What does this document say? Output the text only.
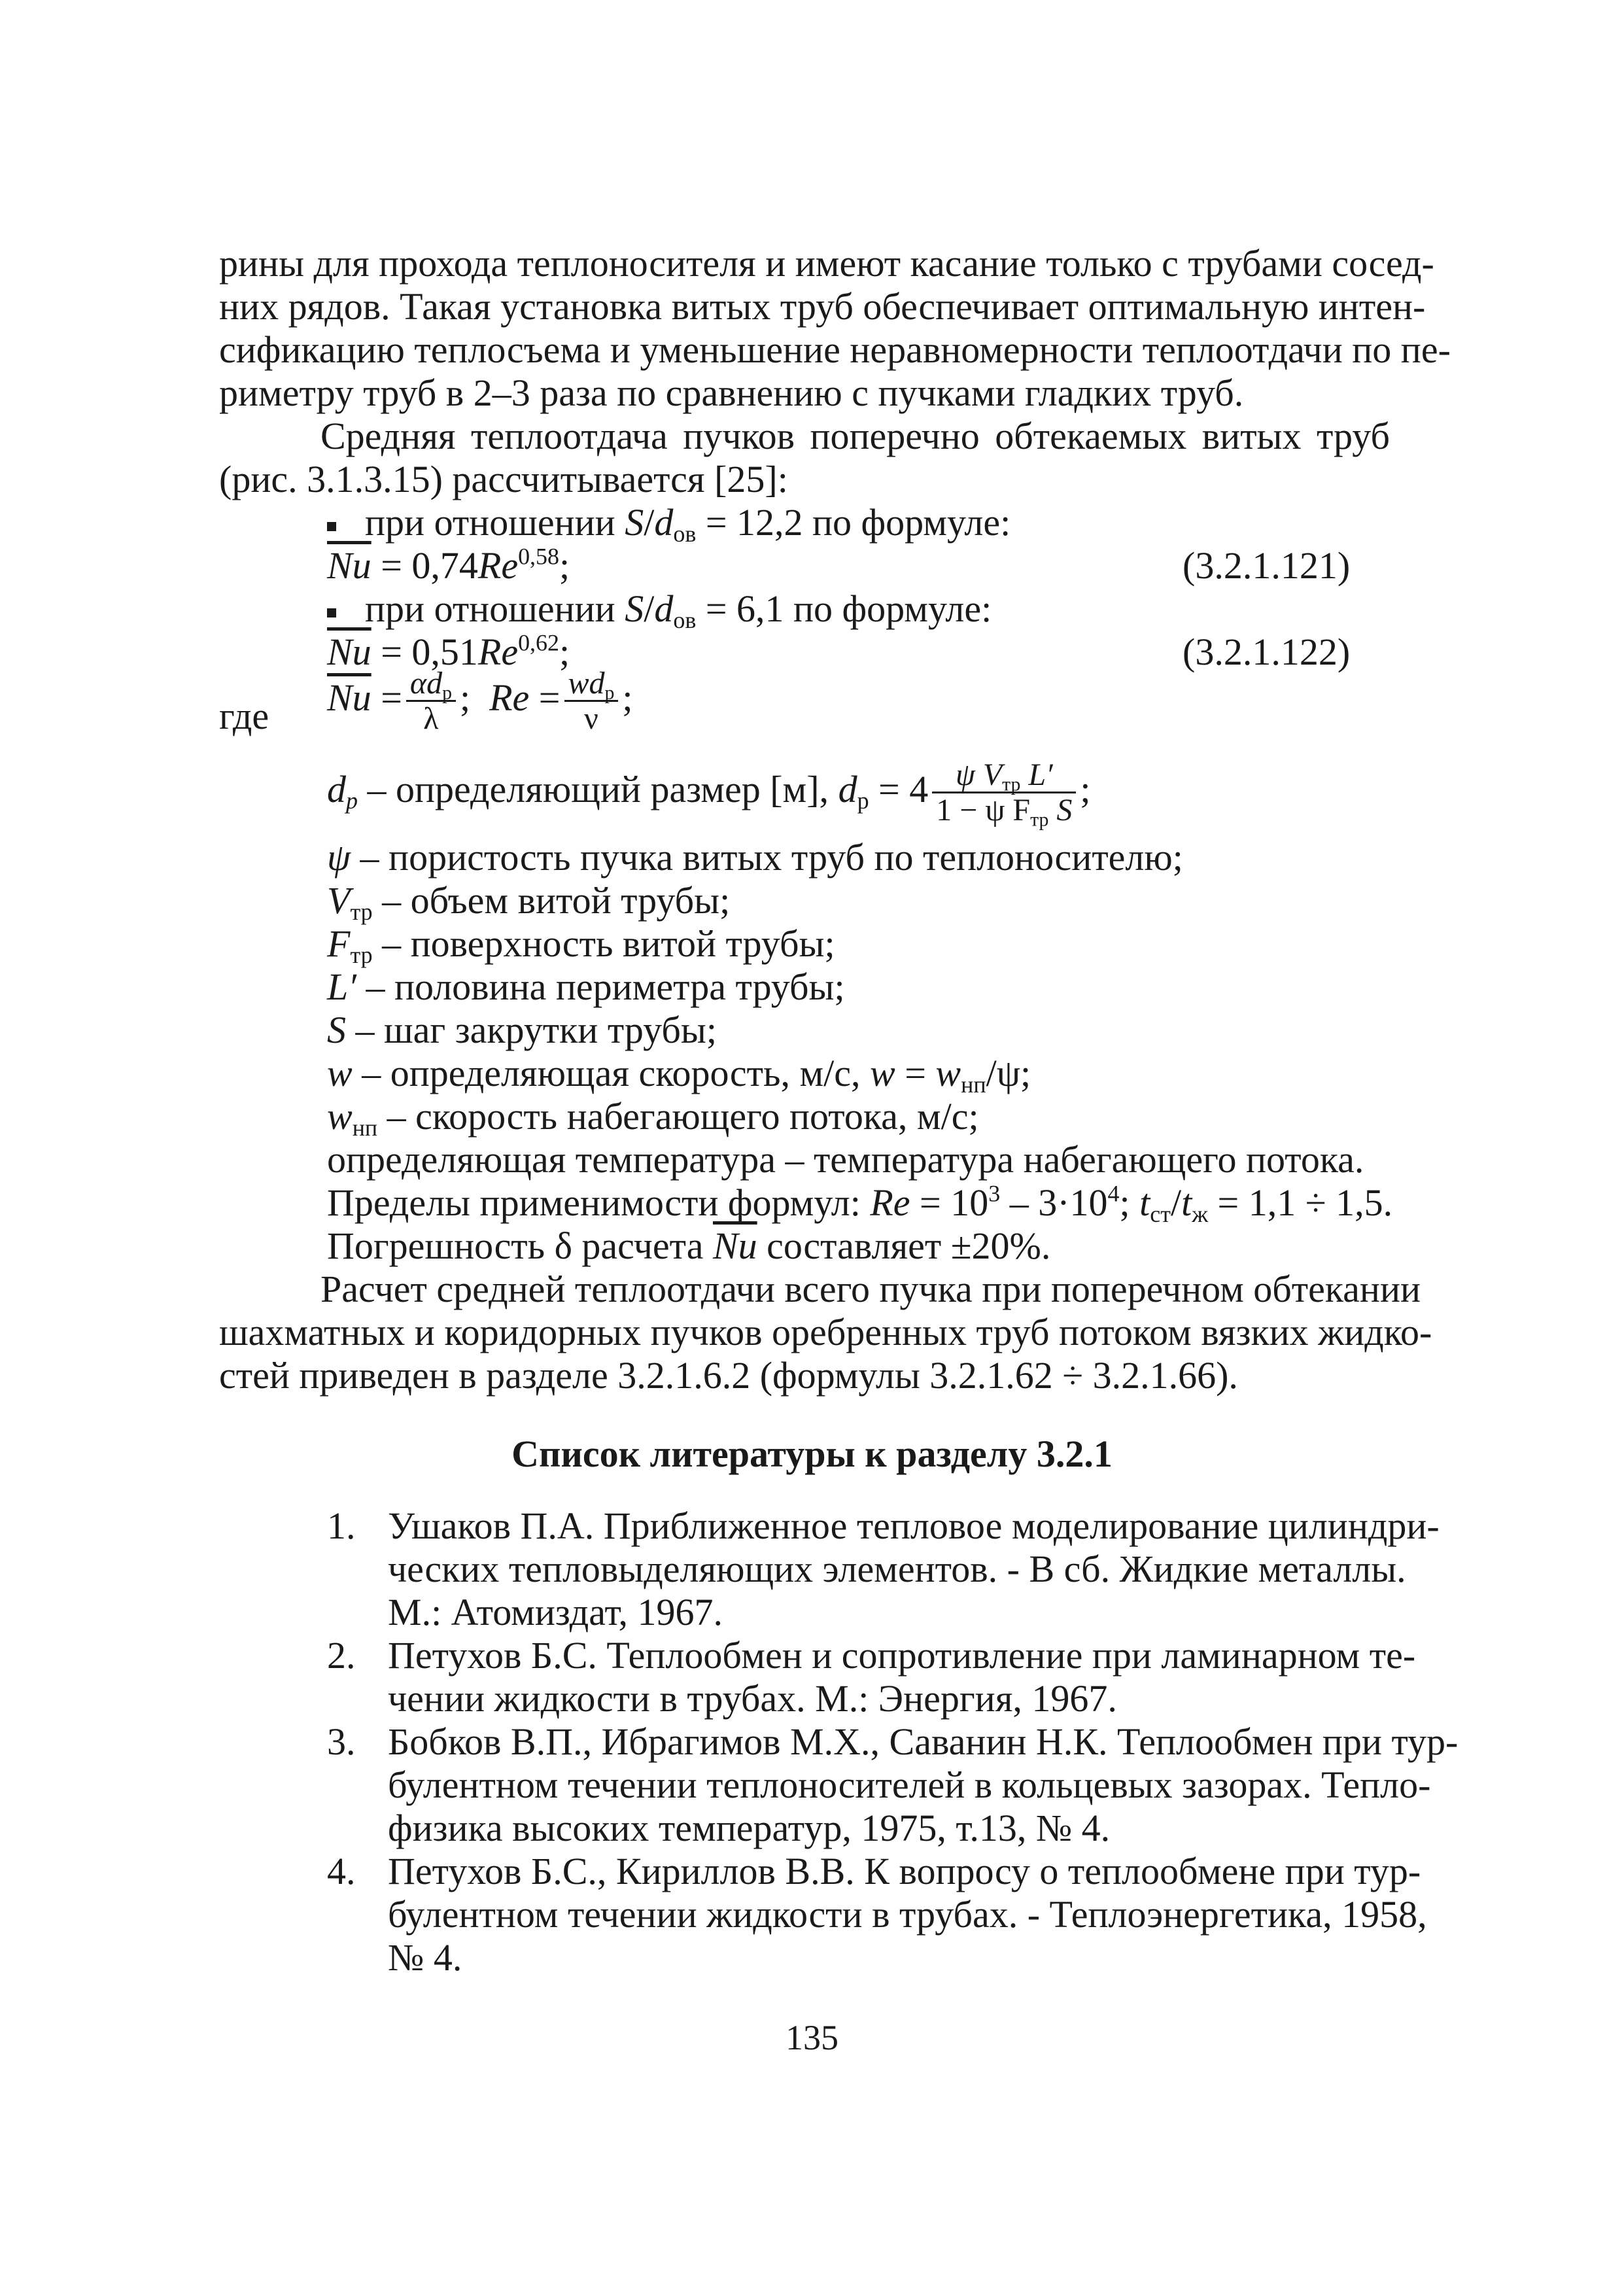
рины для прохода теплоносителя и имеют касание только с трубами сосед-
них рядов. Такая установка витых труб обеспечивает оптимальную интен-
сификацию теплосъема и уменьшение неравномерности теплоотдачи по пе-
риметру труб в 2–3 раза по сравнению с пучками гладких труб.
Средняя теплоотдача пучков поперечно обтекаемых витых труб
(рис. 3.1.3.15) рассчитывается [25]:
при отношении $S/d_{ов} = 12,2$ по формуле:
$\overline{Nu} = 0,74Re^{0,58}$;	(3.2.1.121)
при отношении $S/d_{ов} = 6,1$ по формуле:
$\overline{Nu} = 0,51Re^{0,62}$;	(3.2.1.122)
где $\overline{Nu} = \alpha d_р$
λ ; $Re = wd_р$
ν ;
$d_p$ – определяющий размер [м], $d_р = 4$ ψ $V_{тр}$ L′
1 − ψ $F_{тр}$ S ;
ψ – пористость пучка витых труб по теплоносителю;
$V_{тр}$ – объем витой трубы;
$F_{тр}$ – поверхность витой трубы;
L′ – половина периметра трубы;
S – шаг закрутки трубы;
w – определяющая скорость, м/с, $w = w_{нп}/\psi$;
$w_{нп}$ – скорость набегающего потока, м/с;
определяющая температура – температура набегающего потока.
Пределы применимости формул: $Re = 10^3 - 3\cdot 10^4$; $t_{ст}/t_ж = 1,1 \div 1,5$.
Погрешность δ расчета $\overline{Nu}$ составляет ±20%.
Расчет средней теплоотдачи всего пучка при поперечном обтекании
шахматных и коридорных пучков оребренных труб потоком вязких жидко-
стей приведен в разделе 3.2.1.6.2 (формулы 3.2.1.62 ÷ 3.2.1.66).
Список литературы к разделу 3.2.1
1. Ушаков П.А. Приближенное тепловое моделирование цилиндри-
ческих тепловыделяющих элементов. - В сб. Жидкие металлы.
М.: Атомиздат, 1967.
2. Петухов Б.С. Теплообмен и сопротивление при ламинарном те-
чении жидкости в трубах. М.: Энергия, 1967.
3. Бобков В.П., Ибрагимов М.Х., Саванин Н.К. Теплообмен при тур-
булентном течении теплоносителей в кольцевых зазорах. Тепло-
физика высоких температур, 1975, т.13, № 4.
4. Петухов Б.С., Кириллов В.В. К вопросу о теплообмене при тур-
булентном течении жидкости в трубах. - Теплоэнергетика, 1958,
№ 4.
135
